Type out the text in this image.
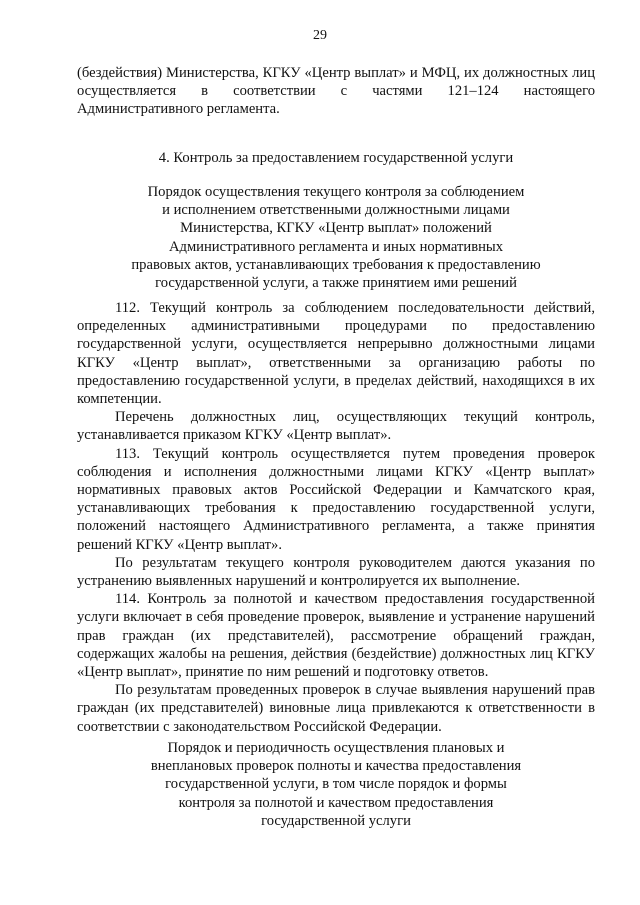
29

(бездействия) Министерства, КГКУ «Центр выплат» и МФЦ, их должностных лиц осуществляется в соответствии с частями 121–124 настоящего Административного регламента.

4. Контроль за предоставлением государственной услуги

Порядок осуществления текущего контроля за соблюдением
и исполнением ответственными должностными лицами
Министерства, КГКУ «Центр выплат» положений
Административного регламента и иных нормативных
правовых актов, устанавливающих требования к предоставлению
государственной услуги, а также принятием ими решений

112. Текущий контроль за соблюдением последовательности действий, определенных административными процедурами по предоставлению государственной услуги, осуществляется непрерывно должностными лицами КГКУ «Центр выплат», ответственными за организацию работы по предоставлению государственной услуги, в пределах действий, находящихся в их компетенции.

Перечень должностных лиц, осуществляющих текущий контроль, устанавливается приказом КГКУ «Центр выплат».

113. Текущий контроль осуществляется путем проведения проверок соблюдения и исполнения должностными лицами КГКУ «Центр выплат» нормативных правовых актов Российской Федерации и Камчатского края, устанавливающих требования к предоставлению государственной услуги, положений настоящего Административного регламента, а также принятия решений КГКУ «Центр выплат».

По результатам текущего контроля руководителем даются указания по устранению выявленных нарушений и контролируется их выполнение.

114. Контроль за полнотой и качеством предоставления государственной услуги включает в себя проведение проверок, выявление и устранение нарушений прав граждан (их представителей), рассмотрение обращений граждан, содержащих жалобы на решения, действия (бездействие) должностных лиц КГКУ «Центр выплат», принятие по ним решений и подготовку ответов.

По результатам проведенных проверок в случае выявления нарушений прав граждан (их представителей) виновные лица привлекаются к ответственности в соответствии с законодательством Российской Федерации.

Порядок и периодичность осуществления плановых и
внеплановых проверок полноты и качества предоставления
государственной услуги, в том числе порядок и формы
контроля за полнотой и качеством предоставления
государственной услуги
